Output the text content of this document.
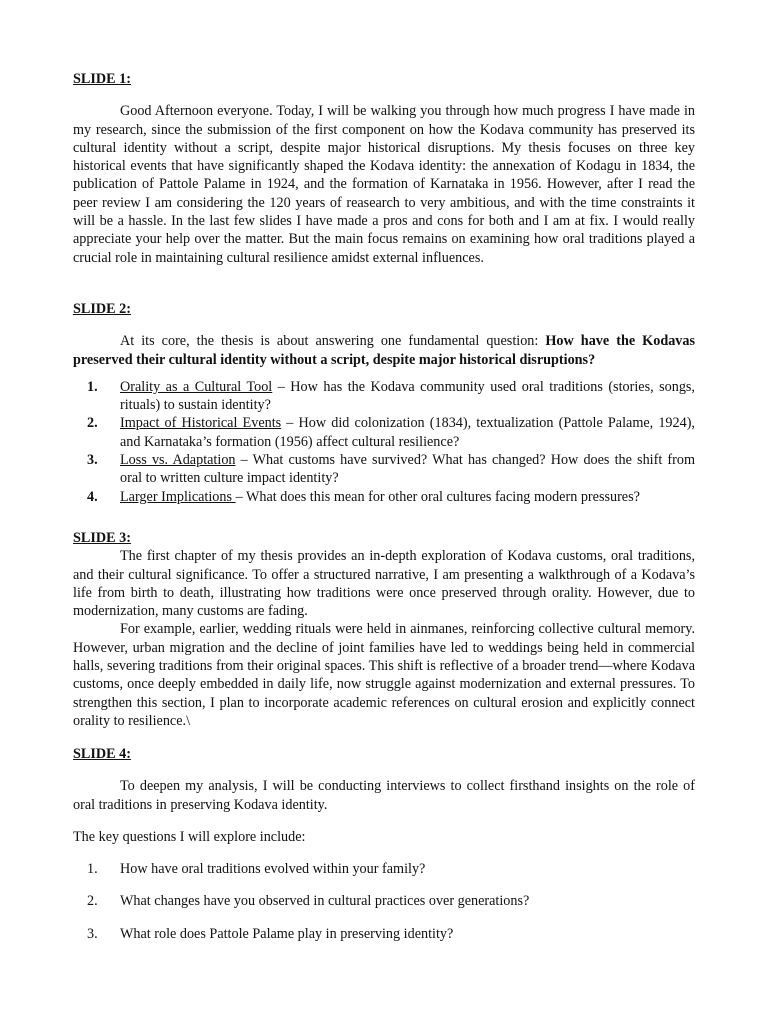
SLIDE 1:

Good Afternoon everyone. Today, I will be walking you through how much progress I have made in my research, since the submission of the first component on how the Kodava community has preserved its cultural identity without a script, despite major historical disruptions. My thesis focuses on three key historical events that have significantly shaped the Kodava identity: the annexation of Kodagu in 1834, the publication of Pattole Palame in 1924, and the formation of Karnataka in 1956. However, after I read the peer review I am considering the 120 years of reasearch to very ambitious, and with the time constraints it will be a hassle. In the last few slides I have made a pros and cons for both and I am at fix. I would really appreciate your help over the matter. But the main focus remains on examining how oral traditions played a crucial role in maintaining cultural resilience amidst external influences.

SLIDE 2:

At its core, the thesis is about answering one fundamental question: How have the Kodavas preserved their cultural identity without a script, despite major historical disruptions?

1. Orality as a Cultural Tool – How has the Kodava community used oral traditions (stories, songs, rituals) to sustain identity?
2. Impact of Historical Events – How did colonization (1834), textualization (Pattole Palame, 1924), and Karnataka’s formation (1956) affect cultural resilience?
3. Loss vs. Adaptation – What customs have survived? What has changed? How does the shift from oral to written culture impact identity?
4. Larger Implications – What does this mean for other oral cultures facing modern pressures?

SLIDE 3:

The first chapter of my thesis provides an in-depth exploration of Kodava customs, oral traditions, and their cultural significance. To offer a structured narrative, I am presenting a walkthrough of a Kodava’s life from birth to death, illustrating how traditions were once preserved through orality. However, due to modernization, many customs are fading.

For example, earlier, wedding rituals were held in ainmanes, reinforcing collective cultural memory. However, urban migration and the decline of joint families have led to weddings being held in commercial halls, severing traditions from their original spaces. This shift is reflective of a broader trend—where Kodava customs, once deeply embedded in daily life, now struggle against modernization and external pressures. To strengthen this section, I plan to incorporate academic references on cultural erosion and explicitly connect orality to resilience.\

SLIDE 4:

To deepen my analysis, I will be conducting interviews to collect firsthand insights on the role of oral traditions in preserving Kodava identity.

The key questions I will explore include:

1. How have oral traditions evolved within your family?
2. What changes have you observed in cultural practices over generations?
3. What role does Pattole Palame play in preserving identity?
